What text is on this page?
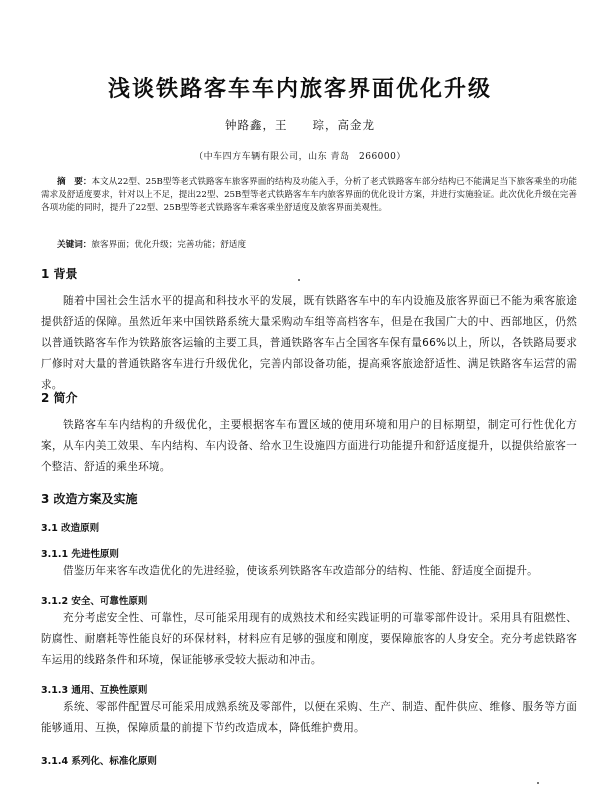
浅谈铁路客车车内旅客界面优化升级
钟路鑫，王　　琮，高金龙
（中车四方车辆有限公司，山东 青岛　266000）
摘　要：本文从22型、25B型等老式铁路客车旅客界面的结构及功能入手，分析了老式铁路客车部分结构已不能满足当下旅客乘坐的功能需求及舒适度要求，针对以上不足，提出22型、25B型等老式铁路客车车内旅客界面的优化设计方案，并进行实施验证。此次优化升级在完善各项功能的同时，提升了22型、25B型等老式铁路客车乘客乘坐舒适度及旅客界面美观性。
关键词：旅客界面；优化升级；完善功能；舒适度
1 背景
随着中国社会生活水平的提高和科技水平的发展，既有铁路客车中的车内设施及旅客界面已不能为乘客旅途提供舒适的保障。虽然近年来中国铁路系统大量采购动车组等高档客车，但是在我国广大的中、西部地区，仍然以普通铁路客车作为铁路旅客运输的主要工具，普通铁路客车占全国客车保有量66%以上，所以，各铁路局要求厂修时对大量的普通铁路客车进行升级优化，完善内部设备功能，提高乘客旅途舒适性、满足铁路客车运营的需求。
2 简介
铁路客车车内结构的升级优化，主要根据客车布置区域的使用环境和用户的目标期望，制定可行性优化方案，从车内美工效果、车内结构、车内设备、给水卫生设施四方面进行功能提升和舒适度提升，以提供给旅客一个整洁、舒适的乘坐环境。
3 改造方案及实施
3.1 改造原则
3.1.1 先进性原则
借鉴历年来客车改造优化的先进经验，使该系列铁路客车改造部分的结构、性能、舒适度全面提升。
3.1.2 安全、可靠性原则
充分考虑安全性、可靠性，尽可能采用现有的成熟技术和经实践证明的可靠零部件设计。采用具有阻燃性、防腐性、耐磨耗等性能良好的环保材料，材料应有足够的强度和刚度，要保障旅客的人身安全。充分考虑铁路客车运用的线路条件和环境，保证能够承受较大振动和冲击。
3.1.3 通用、互换性原则
系统、零部件配置尽可能采用成熟系统及零部件，以便在采购、生产、制造、配件供应、维修、服务等方面能够通用、互换，保障质量的前提下节约改造成本，降低维护费用。
3.1.4 系列化、标准化原则
